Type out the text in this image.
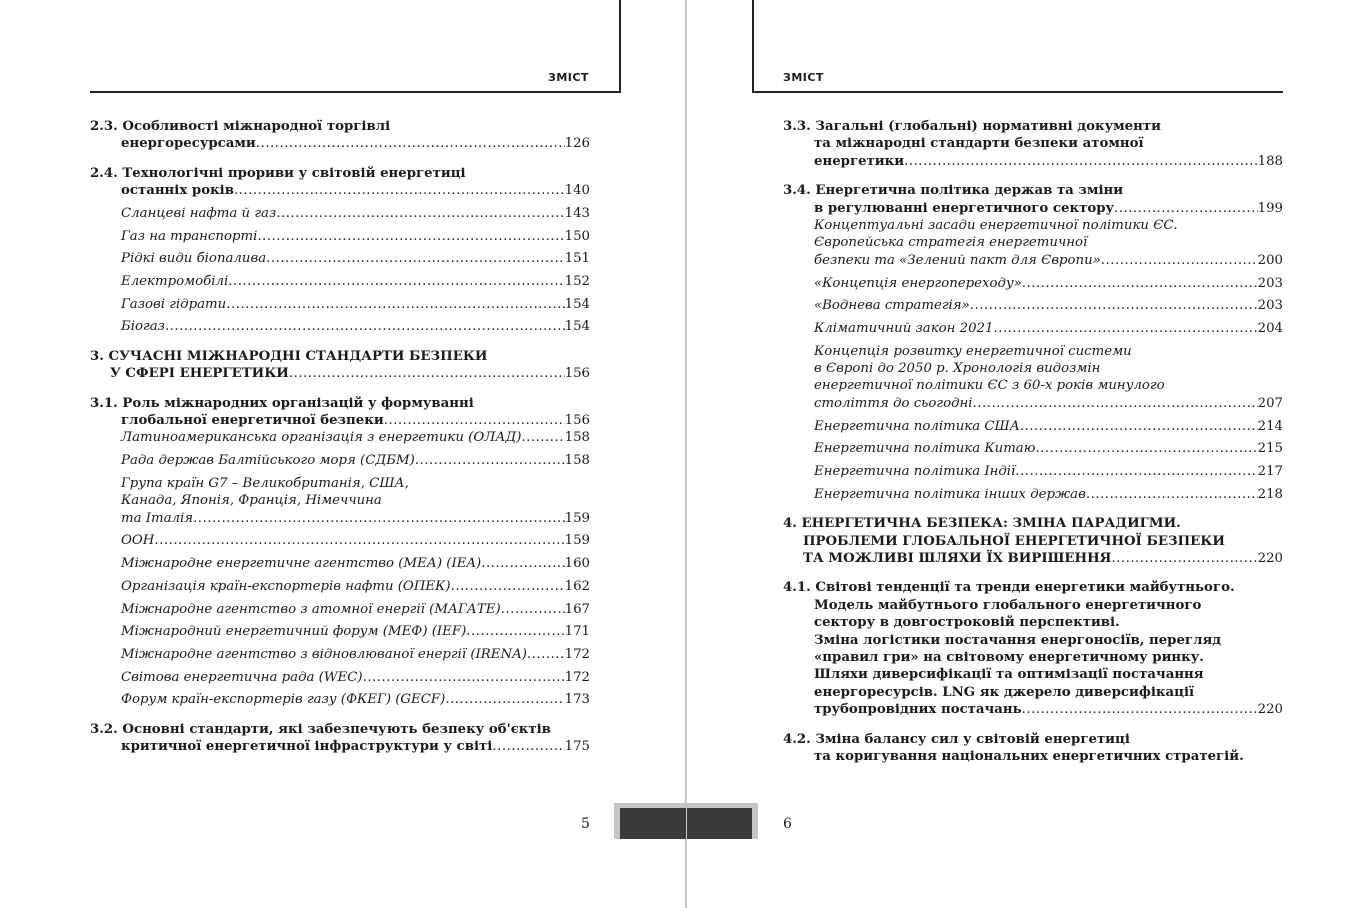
ЗМІСТ
2.3. Особливості міжнародної торгівлі
енергоресурсами .....	126
2.4. Технологічні прориви у світовій енергетиці
останніх років .....	140
Сланцеві нафта й газ .....	143
Газ на транспорті .....	150
Рідкі види біопалива .....	151
Електромобілі .....	152
Газові гідрати .....	154
Біогаз .....	154
3. СУЧАСНІ МІЖНАРОДНІ СТАНДАРТИ БЕЗПЕКИ
У СФЕРІ ЕНЕРГЕТИКИ .....	156
3.1. Роль міжнародних організацій у формуванні
глобальної енергетичної безпеки .....	156
Латиноамериканська організація з енергетики (ОЛАД) .....	158
Рада держав Балтійського моря (СДБМ) .....	158
Група країн G7 – Великобританія, США,
Канада, Японія, Франція, Німеччина
та Італія .....	159
ООН .....	159
Міжнародне енергетичне агентство (МЕА) (IEA) .....	160
Організація країн-експортерів нафти (ОПЕК) .....	162
Міжнародне агентство з атомної енергії (МАГАТЕ) .....	167
Міжнародний енергетичний форум (МЕФ) (IEF) .....	171
Міжнародне агентство з відновлюваної енергії (IRENA) .....	172
Світова енергетична рада (WEC) .....	172
Форум країн-експортерів газу (ФКЕГ) (GECF) .....	173
3.2. Основні стандарти, які забезпечують безпеку об'єктів
критичної енергетичної інфраструктури у світі .....	175
5
ЗМІСТ
3.3. Загальні (глобальні) нормативні документи
та міжнародні стандарти безпеки атомної
енергетики .....	188
3.4. Енергетична політика держав та зміни
в регулюванні енергетичного сектору .....	199
Концептуальні засади енергетичної політики ЄС.
Європейська стратегія енергетичної
безпеки та «Зелений пакт для Європи» .....	200
«Концепція енергопереходу» .....	203
«Воднева стратегія» .....	203
Кліматичний закон 2021 .....	204
Концепція розвитку енергетичної системи
в Європі до 2050 р. Хронологія видозмін
енергетичної політики ЄС з 60-х років минулого
століття до сьогодні .....	207
Енергетична політика США .....	214
Енергетична політика Китаю .....	215
Енергетична політика Індії .....	217
Енергетична політика інших держав .....	218
4. ЕНЕРГЕТИЧНА БЕЗПЕКА: ЗМІНА ПАРАДИГМИ.
ПРОБЛЕМИ ГЛОБАЛЬНОЇ ЕНЕРГЕТИЧНОЇ БЕЗПЕКИ
ТА МОЖЛИВІ ШЛЯХИ ЇХ ВИРІШЕННЯ .....	220
4.1. Світові тенденції та тренди енергетики майбутнього.
Модель майбутнього глобального енергетичного
сектору в довгостроковій перспективі.
Зміна логістики постачання енергоносіїв, перегляд
«правил гри» на світовому енергетичному ринку.
Шляхи диверсифікації та оптимізації постачання
енергоресурсів. LNG як джерело диверсифікації
трубопровідних постачань .....	220
4.2. Зміна балансу сил у світовій енергетиці
та коригування національних енергетичних стратегій.
6
